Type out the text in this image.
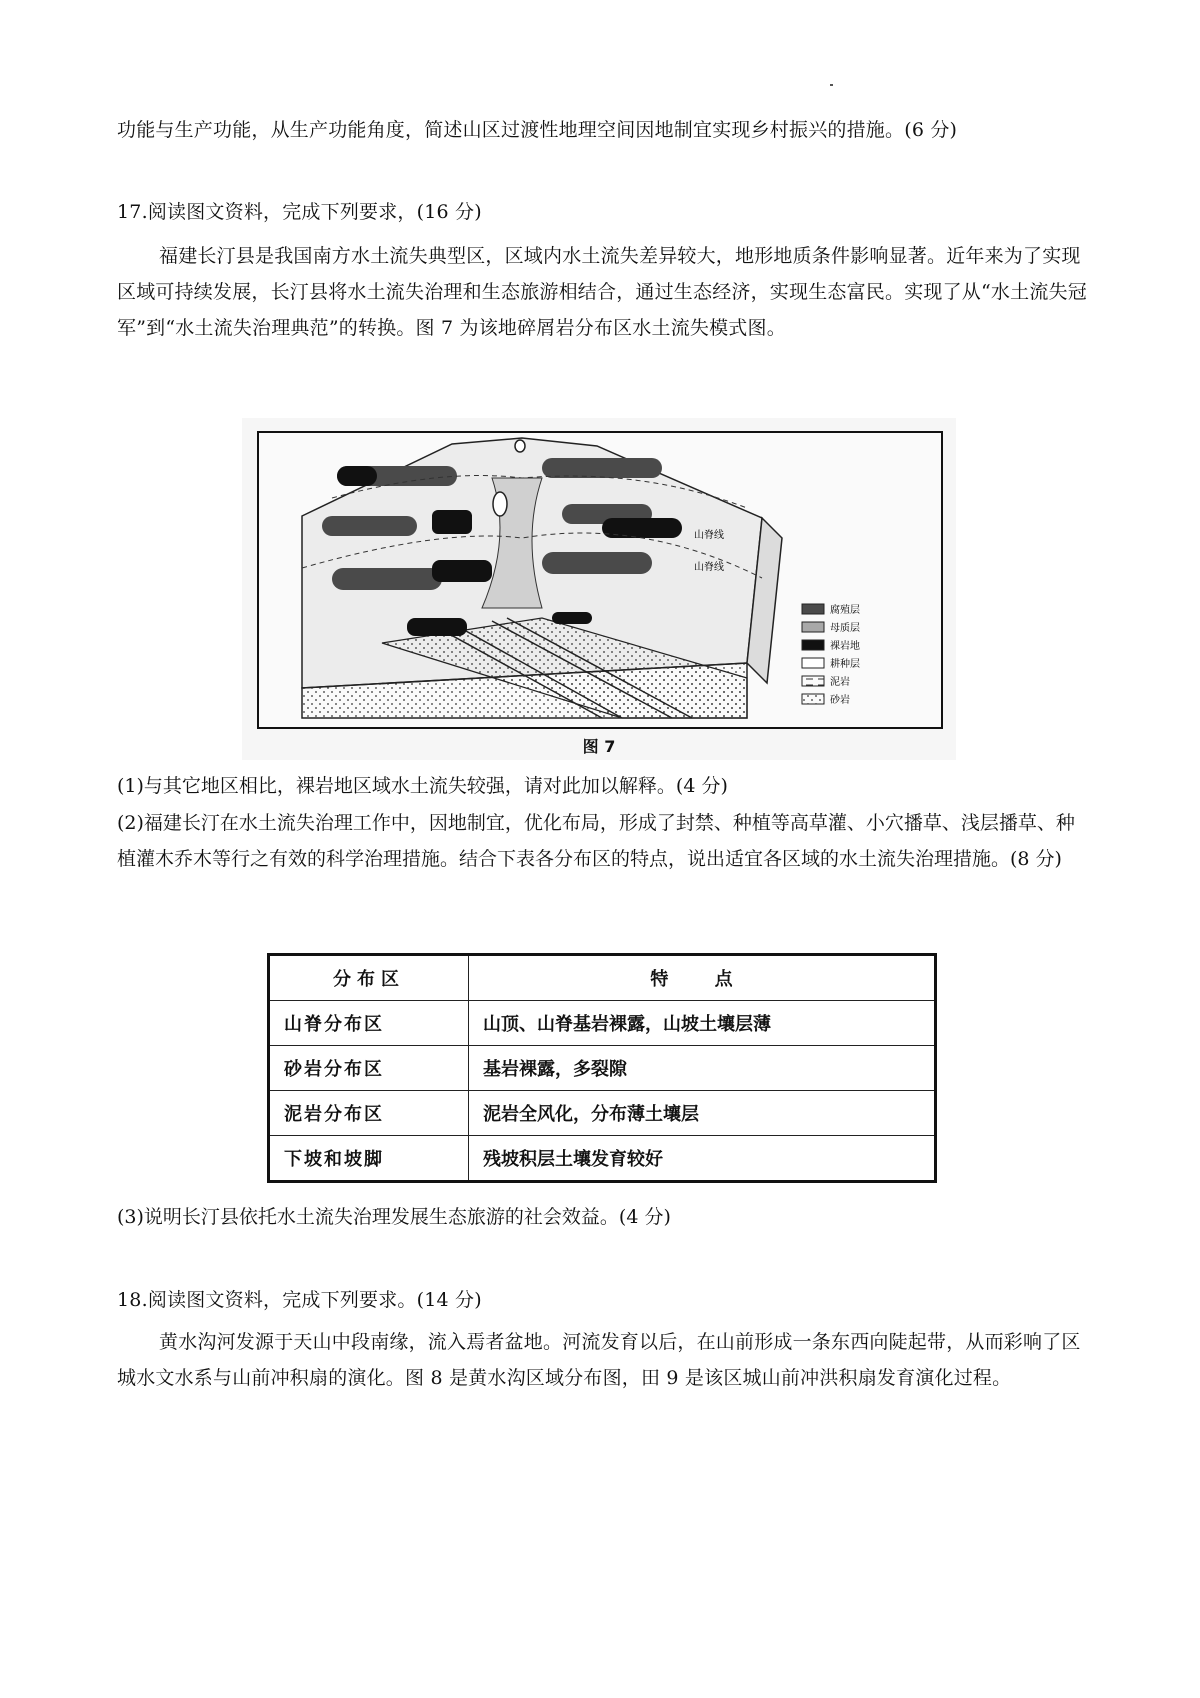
功能与生产功能，从生产功能角度，简述山区过渡性地理空间因地制宜实现乡村振兴的措施。(6 分)

17.阅读图文资料，完成下列要求，(16 分)

福建长汀县是我国南方水土流失典型区，区域内水土流失差异较大，地形地质条件影响显著。近年来为了实现区域可持续发展，长汀县将水土流失治理和生态旅游相结合，通过生态经济，实现生态富民。实现了从“水土流失冠军”到“水土流失治理典范”的转换。图 7 为该地碎屑岩分布区水土流失模式图。

山脊线
山脊线
腐殖层
母质层
裸岩地
耕种层
泥岩
砂岩
图 7

(1)与其它地区相比，裸岩地区域水土流失较强，请对此加以解释。(4 分)

(2)福建长汀在水土流失治理工作中，因地制宜，优化布局，形成了封禁、种植等高草灌、小穴播草、浅层播草、种植灌木乔木等行之有效的科学治理措施。结合下表各分布区的特点，说出适宜各区域的水土流失治理措施。(8 分)

分布区	特 点
山脊分布区	山顶、山脊基岩裸露，山坡土壤层薄
砂岩分布区	基岩裸露，多裂隙
泥岩分布区	泥岩全风化，分布薄土壤层
下坡和坡脚	残坡积层土壤发育较好

(3)说明长汀县依托水土流失治理发展生态旅游的社会效益。(4 分)

18.阅读图文资料，完成下列要求。(14 分)

黄水沟河发源于天山中段南缘，流入焉者盆地。河流发育以后，在山前形成一条东西向陡起带，从而彩响了区城水文水系与山前冲积扇的演化。图 8 是黄水沟区域分布图，田 9 是该区城山前冲洪积扇发育演化过程。
